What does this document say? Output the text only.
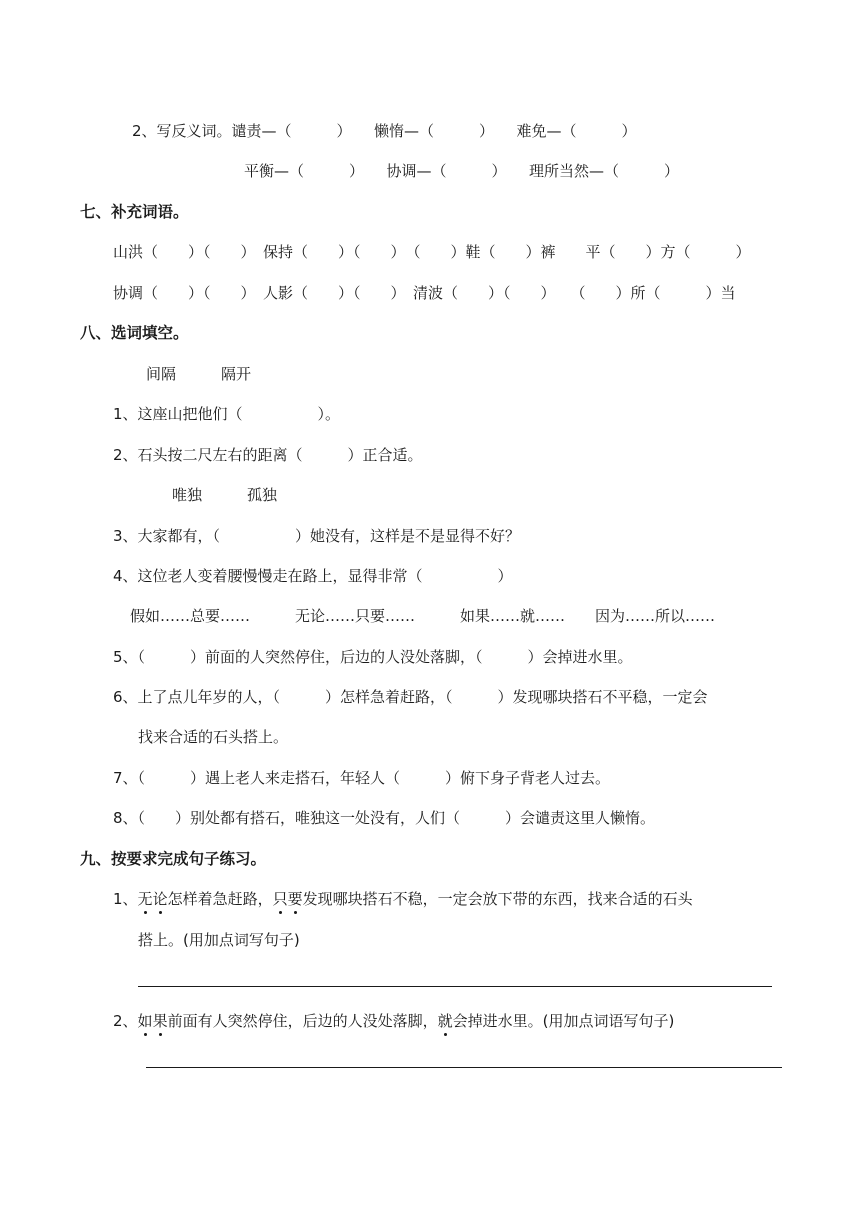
2、写反义词。谴责—（　　　）　　懒惰—（　　　）　　难免—（　　　）
平衡—（　　　）　　协调—（　　　）　　理所当然—（　　　）
七、补充词语。
山洪（　　）（　　）　保持（　　）（　　）　（　　）鞋（　　）裤　　平（　　）方（　　　）
协调（　　）（　　）　人影（　　）（　　）　清波（　　）（　　）　　（　　）所（　　　）当
八、选词填空。
间隔　　　隔开
1、这座山把他们（　　　　　）。
2、石头按二尺左右的距离（　　　）正合适。
唯独　　　孤独
3、大家都有，（　　　　　）她没有，这样是不是显得不好？
4、这位老人变着腰慢慢走在路上，显得非常（　　　　　）
假如……总要……　　　无论……只要……　　　如果……就……　　因为……所以……
5、（　　　）前面的人突然停住，后边的人没处落脚，（　　　）会掉进水里。
6、上了点儿年岁的人，（　　　）怎样急着赶路，（　　　）发现哪块搭石不平稳，一定会
找来合适的石头搭上。
7、（　　　）遇上老人来走搭石，年轻人（　　　）俯下身子背老人过去。
8、（　　）别处都有搭石，唯独这一处没有，人们（　　　）会谴责这里人懒惰。
九、按要求完成句子练习。
1、无论怎样着急赶路，只要发现哪块搭石不稳，一定会放下带的东西，找来合适的石头
搭上。(用加点词写句子)
2、如果前面有人突然停住，后边的人没处落脚，就会掉进水里。(用加点词语写句子)
